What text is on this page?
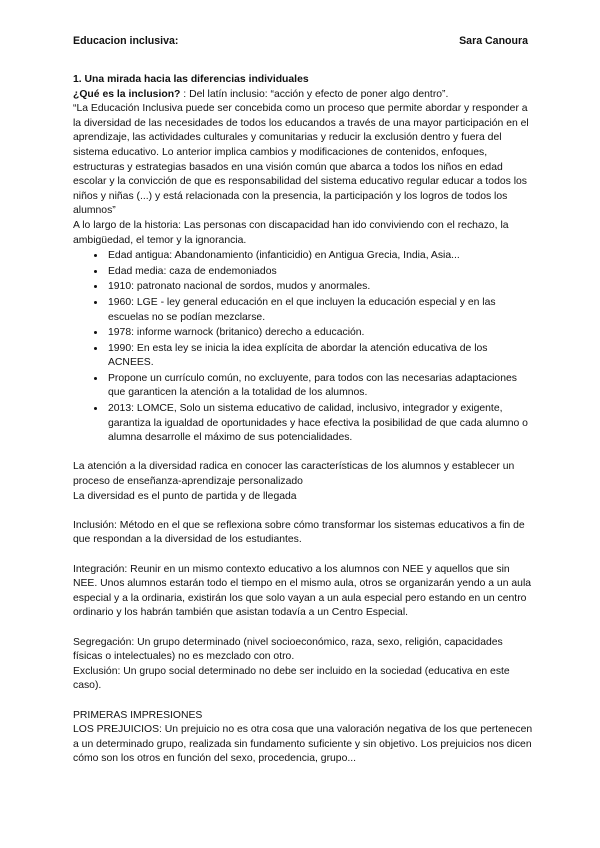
Educacion inclusiva:	Sara Canoura

1. Una mirada hacia las diferencias individuales

¿Qué es la inclusion? : Del latín inclusio: “acción y efecto de poner algo dentro”.

“La Educación Inclusiva puede ser concebida como un proceso que permite abordar y responder a la diversidad de las necesidades de todos los educandos a través de una mayor participación en el aprendizaje, las actividades culturales y comunitarias y reducir la exclusión dentro y fuera del sistema educativo. Lo anterior implica cambios y modificaciones de contenidos, enfoques, estructuras y estrategias basados en una visión común que abarca a todos los niños en edad escolar y la convicción de que es responsabilidad del sistema educativo regular educar a todos los niños y niñas (...) y está relacionada con la presencia, la participación y los logros de todos los alumnos”

A lo largo de la historia: Las personas con discapacidad han ido conviviendo con el rechazo, la ambigüedad, el temor y la ignorancia.

• Edad antigua: Abandonamiento (infanticidio) en Antigua Grecia, India, Asia...
• Edad media: caza de endemoniados
• 1910: patronato nacional de sordos, mudos y anormales.
• 1960: LGE - ley general educación en el que incluyen la educación especial y en las escuelas no se podían mezclarse.
• 1978: informe warnock (britanico) derecho a educación.
• 1990: En esta ley se inicia la idea explícita de abordar la atención educativa de los ACNEES.
• Propone un currículo común, no excluyente, para todos con las necesarias adaptaciones que garanticen la atención a la totalidad de los alumnos.
• 2013: LOMCE, Solo un sistema educativo de calidad, inclusivo, integrador y exigente, garantiza la igualdad de oportunidades y hace efectiva la posibilidad de que cada alumno o alumna desarrolle el máximo de sus potencialidades.

La atención a la diversidad radica en conocer las características de los alumnos y establecer un proceso de enseñanza-aprendizaje personalizado

La diversidad es el punto de partida y de llegada

Inclusión: Método en el que se reflexiona sobre cómo transformar los sistemas educativos a fin de que respondan a la diversidad de los estudiantes.

Integración: Reunir en un mismo contexto educativo a los alumnos con NEE y aquellos que sin NEE. Unos alumnos estarán todo el tiempo en el mismo aula, otros se organizarán yendo a un aula especial y a la ordinaria, existirán los que solo vayan a un aula especial pero estando en un centro ordinario y los habrán también que asistan todavía a un Centro Especial.

Segregación: Un grupo determinado (nivel socioeconómico, raza, sexo, religión, capacidades físicas o intelectuales) no es mezclado con otro.

Exclusión: Un grupo social determinado no debe ser incluido en la sociedad (educativa en este caso).

PRIMERAS IMPRESIONES

LOS PREJUICIOS: Un prejuicio no es otra cosa que una valoración negativa de los que pertenecen a un determinado grupo, realizada sin fundamento suficiente y sin objetivo. Los prejuicios nos dicen cómo son los otros en función del sexo, procedencia, grupo...
